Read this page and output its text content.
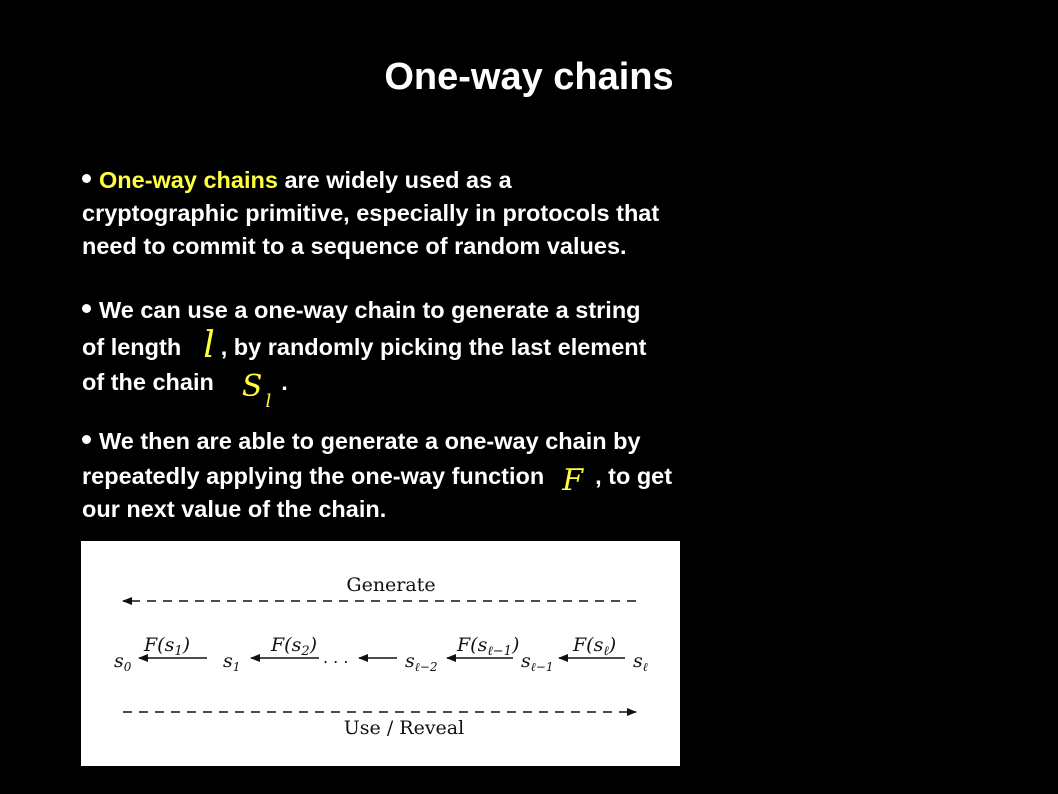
One-way chains
One-way chains are widely used as a
cryptographic primitive, especially in protocols that
need to commit to a sequence of random values.
We can use a one-way chain to generate a string
of length l , by randomly picking the last element
of the chain S $_l$.
We then are able to generate a one-way chain by
repeatedly applying the one-way function F , to get
our next value of the chain.
Generate
$F(s_1)$	$F(s_2)$	$F(s_{\ell-1})$	$F(s_\ell)$
$s_0$	$s_1$	. . .	$s_{\ell-2}$	$s_{\ell-1}$	$s_\ell$
Use / Reveal
